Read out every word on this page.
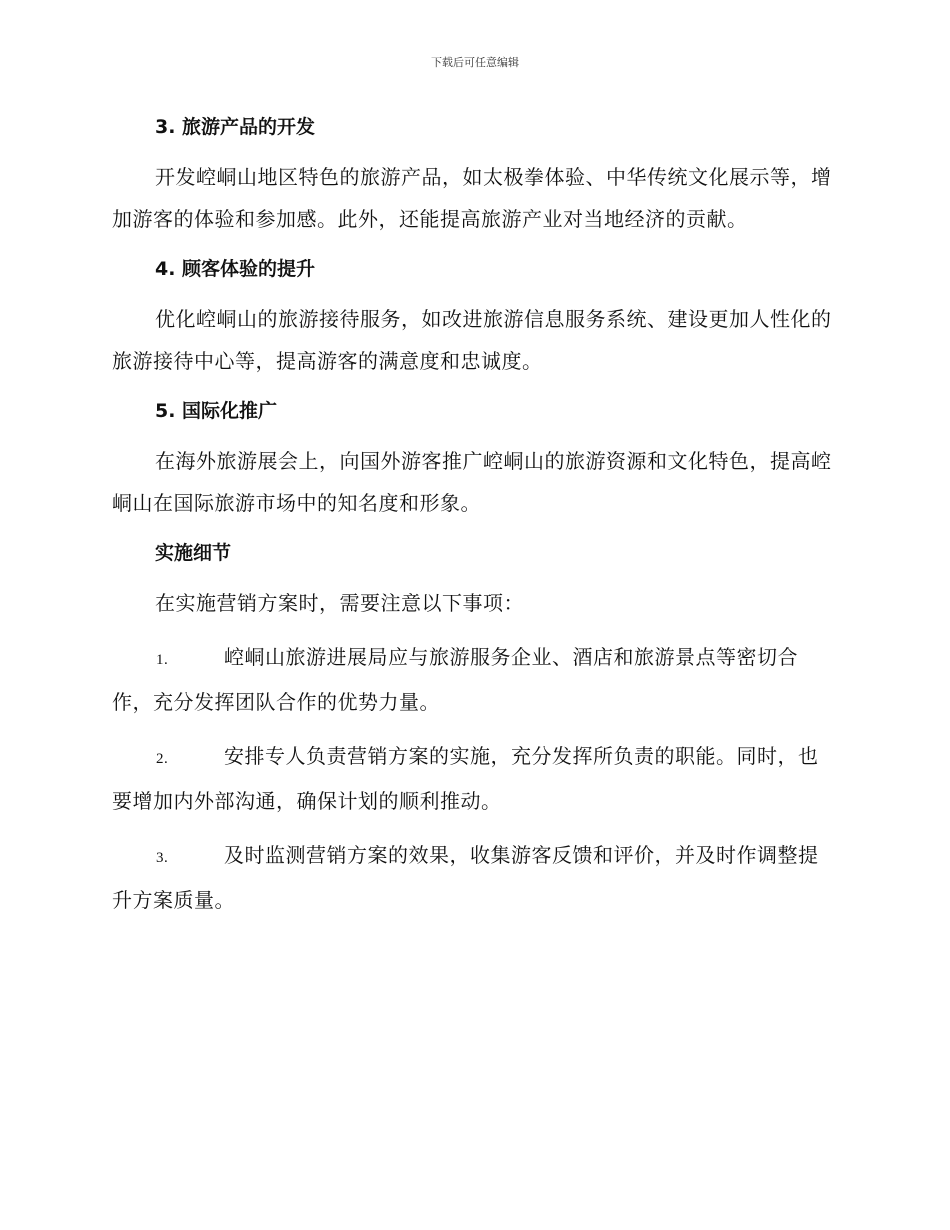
下载后可任意编辑
3. 旅游产品的开发

开发崆峒山地区特色的旅游产品，如太极拳体验、中华传统文化展示等，增加游客的体验和参加感。此外，还能提高旅游产业对当地经济的贡献。

4. 顾客体验的提升

优化崆峒山的旅游接待服务，如改进旅游信息服务系统、建设更加人性化的旅游接待中心等，提高游客的满意度和忠诚度。

5. 国际化推广

在海外旅游展会上，向国外游客推广崆峒山的旅游资源和文化特色，提高崆峒山在国际旅游市场中的知名度和形象。

实施细节

在实施营销方案时，需要注意以下事项：

1.	崆峒山旅游进展局应与旅游服务企业、酒店和旅游景点等密切合作，充分发挥团队合作的优势力量。

2.	安排专人负责营销方案的实施，充分发挥所负责的职能。同时，也要增加内外部沟通，确保计划的顺利推动。

3.	及时监测营销方案的效果，收集游客反馈和评价，并及时作调整提升方案质量。
